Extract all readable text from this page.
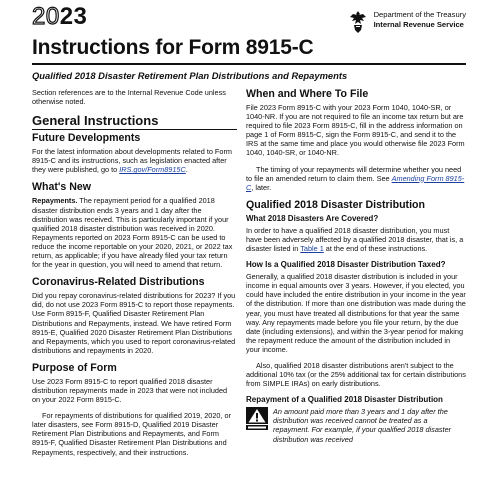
2023	Department of the Treasury
Internal Revenue Service
Instructions for Form 8915-C
Qualified 2018 Disaster Retirement Plan Distributions and Repayments

Section references are to the Internal Revenue Code unless otherwise noted.

General Instructions
Future Developments

For the latest information about developments related to Form 8915-C and its instructions, such as legislation enacted after they were published, go to IRS.gov/Form8915C.

What's New

Repayments. The repayment period for a qualified 2018 disaster distribution ends 3 years and 1 day after the distribution was received. This is particularly important if your qualified 2018 disaster distribution was received in 2020. Repayments reported on 2023 Form 8915-C can be used to reduce the income reportable on your 2020, 2021, or 2022 tax return, as applicable; if you have already filed your tax return for the year in question, you will need to amend that return.

Coronavirus-Related Distributions

Did you repay coronavirus-related distributions for 2023? If you did, do not use 2023 Form 8915-C to report those repayments. Use Form 8915-F, Qualified Disaster Retirement Plan Distributions and Repayments, instead. We have retired Form 8915-E, Qualified 2020 Disaster Retirement Plan Distributions and Repayments, which you used to report coronavirus-related distributions and repayments in 2020.

Purpose of Form

Use 2023 Form 8915-C to report qualified 2018 disaster distribution repayments made in 2023 that were not included on your 2022 Form 8915-C.

For repayments of distributions for qualified 2019, 2020, or later disasters, see Form 8915-D, Qualified 2019 Disaster Retirement Plan Distributions and Repayments, and Form 8915-F, Qualified Disaster Retirement Plan Distributions and Repayments, respectively, and their instructions.

When and Where To File

File 2023 Form 8915-C with your 2023 Form 1040, 1040-SR, or 1040-NR. If you are not required to file an income tax return but are required to file 2023 Form 8915-C, fill in the address information on page 1 of Form 8915-C, sign the Form 8915-C, and send it to the IRS at the same time and place you would otherwise file 2023 Form 1040, 1040-SR, or 1040-NR.

The timing of your repayments will determine whether you need to file an amended return to claim them. See Amending Form 8915-C, later.

Qualified 2018 Disaster Distribution
What 2018 Disasters Are Covered?

In order to have a qualified 2018 disaster distribution, you must have been adversely affected by a qualified 2018 disaster, that is, a disaster listed in Table 1 at the end of these instructions.

How Is a Qualified 2018 Disaster Distribution Taxed?

Generally, a qualified 2018 disaster distribution is included in your income in equal amounts over 3 years. However, if you elected, you could have included the entire distribution in your income in the year of the distribution. If more than one distribution was made during the year, you must have treated all distributions for that year the same way. Any repayments made before you file your return, by the due date (including extensions), and within the 3-year period for making the repayment reduce the amount of the distribution included in your income.

Also, qualified 2018 disaster distributions aren't subject to the additional 10% tax (or the 25% additional tax for certain distributions from SIMPLE IRAs) on early distributions.

Repayment of a Qualified 2018 Disaster Distribution

An amount paid more than 3 years and 1 day after the distribution was received cannot be treated as a repayment. For example, if your qualified 2018 disaster distribution was received
